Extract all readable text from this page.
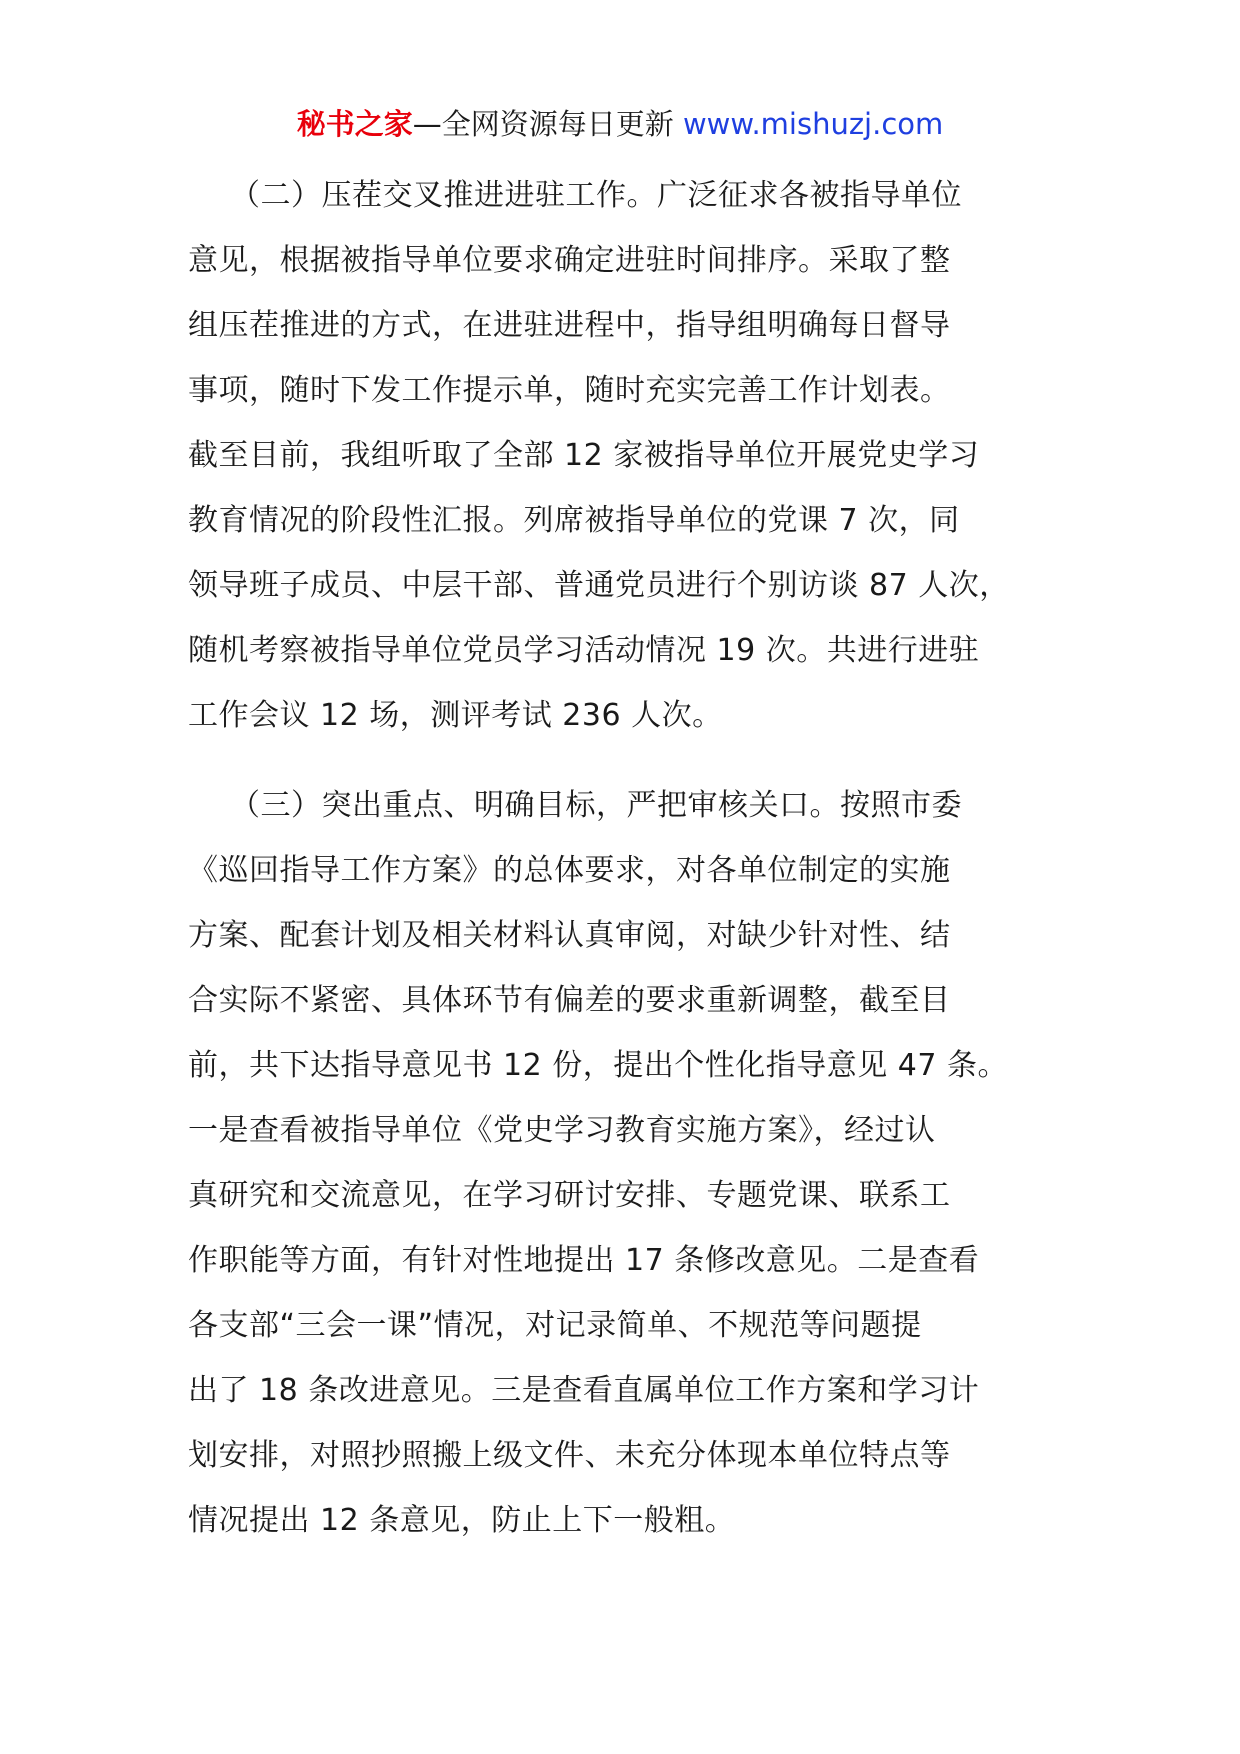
秘书之家—全网资源每日更新 www.mishuzj.com

（二）压茬交叉推进进驻工作。广泛征求各被指导单位
意见，根据被指导单位要求确定进驻时间排序。采取了整
组压茬推进的方式，在进驻进程中，指导组明确每日督导
事项，随时下发工作提示单，随时充实完善工作计划表。
截至目前，我组听取了全部 12 家被指导单位开展党史学习
教育情况的阶段性汇报。列席被指导单位的党课 7 次，同
领导班子成员、中层干部、普通党员进行个别访谈 87 人次，
随机考察被指导单位党员学习活动情况 19 次。共进行进驻
工作会议 12 场，测评考试 236 人次。

（三）突出重点、明确目标，严把审核关口。按照市委
《巡回指导工作方案》的总体要求，对各单位制定的实施
方案、配套计划及相关材料认真审阅，对缺少针对性、结
合实际不紧密、具体环节有偏差的要求重新调整，截至目
前，共下达指导意见书 12 份，提出个性化指导意见 47 条。
一是查看被指导单位《党史学习教育实施方案》，经过认
真研究和交流意见，在学习研讨安排、专题党课、联系工
作职能等方面，有针对性地提出 17 条修改意见。二是查看
各支部“三会一课”情况，对记录简单、不规范等问题提
出了 18 条改进意见。三是查看直属单位工作方案和学习计
划安排，对照抄照搬上级文件、未充分体现本单位特点等
情况提出 12 条意见，防止上下一般粗。
